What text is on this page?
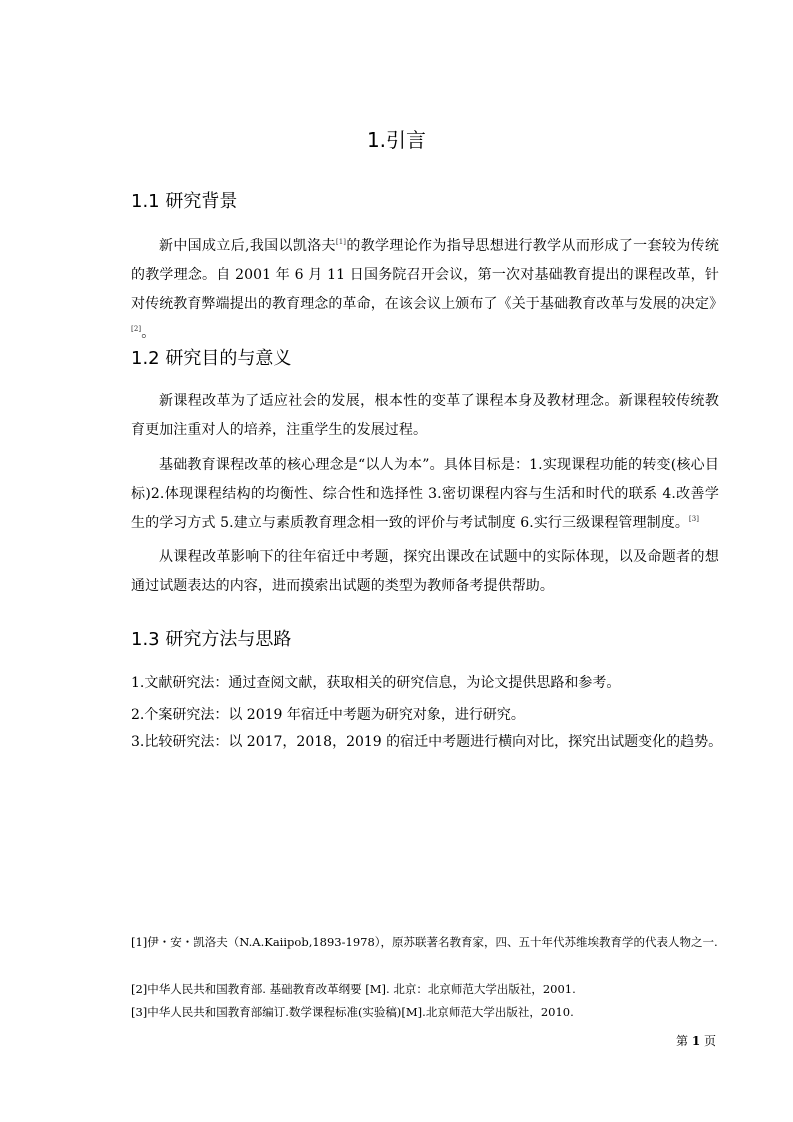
1.引言
1.1 研究背景
新中国成立后,我国以凯洛夫[1]的教学理论作为指导思想进行教学从而形成了一套较为传统的教学理念。自 2001 年 6 月 11 日国务院召开会议，第一次对基础教育提出的课程改革，针对传统教育弊端提出的教育理念的革命，在该会议上颁布了《关于基础教育改革与发展的决定》[2]。
1.2 研究目的与意义
新课程改革为了适应社会的发展，根本性的变革了课程本身及教材理念。新课程较传统教育更加注重对人的培养，注重学生的发展过程。
基础教育课程改革的核心理念是“以人为本”。具体目标是：1.实现课程功能的转变(核心目标)2.体现课程结构的均衡性、综合性和选择性 3.密切课程内容与生活和时代的联系 4.改善学生的学习方式 5.建立与素质教育理念相一致的评价与考试制度 6.实行三级课程管理制度。[3]
从课程改革影响下的往年宿迁中考题，探究出课改在试题中的实际体现，以及命题者的想通过试题表达的内容，进而摸索出试题的类型为教师备考提供帮助。
1.3 研究方法与思路
1.文献研究法：通过查阅文献，获取相关的研究信息，为论文提供思路和参考。
2.个案研究法：以 2019 年宿迁中考题为研究对象，进行研究。
3.比较研究法：以 2017，2018，2019 的宿迁中考题进行横向对比，探究出试题变化的趋势。
[1]伊・安・凯洛夫（N.A.Kaiipob,1893-1978），原苏联著名教育家，四、五十年代苏维埃教育学的代表人物之一.
[2]中华人民共和国教育部. 基础教育改革纲要 [M]. 北京：北京师范大学出版社，2001.
[3]中华人民共和国教育部编订.数学课程标准(实验稿)[M].北京师范大学出版社，2010.
第 1 页
